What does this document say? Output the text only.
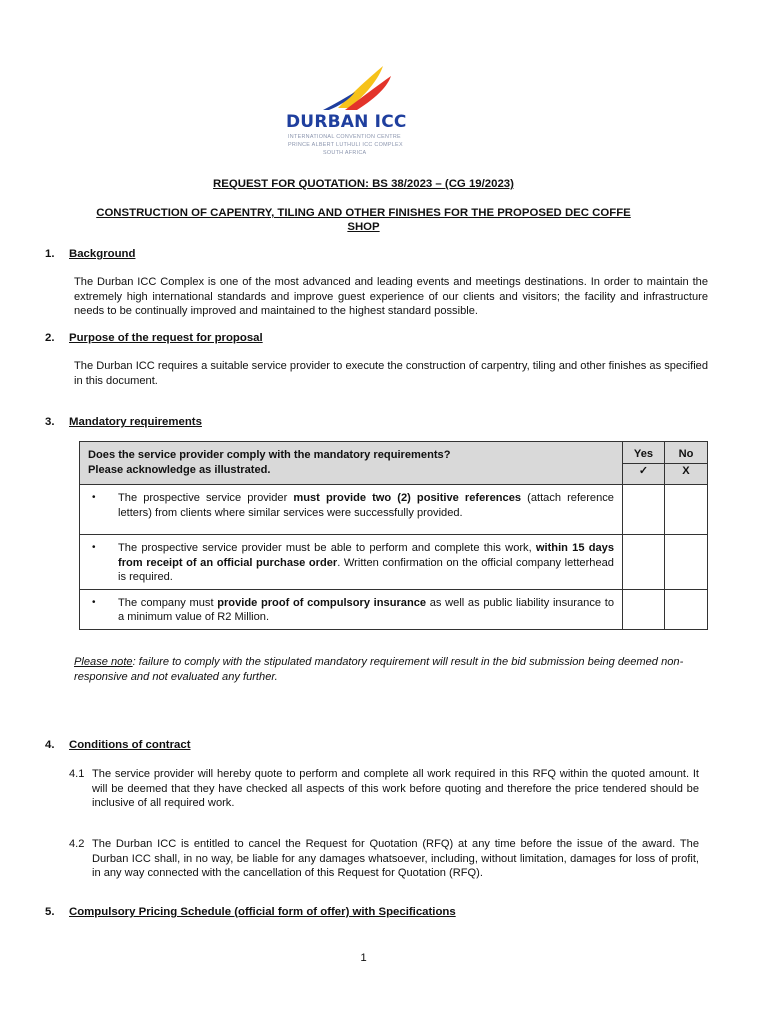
DURBAN ICC
INTERNATIONAL CONVENTION CENTRE
PRINCE ALBERT LUTHULI ICC COMPLEX
SOUTH AFRICA
REQUEST FOR QUOTATION: BS 38/2023 – (CG 19/2023)
CONSTRUCTION OF CAPENTRY, TILING AND OTHER FINISHES FOR THE PROPOSED DEC COFFE
SHOP
1. Background
The Durban ICC Complex is one of the most advanced and leading events and meetings destinations. In order to maintain the extremely high international standards and improve guest experience of our clients and visitors; the facility and infrastructure needs to be continually improved and maintained to the highest standard possible.
2. Purpose of the request for proposal
The Durban ICC requires a suitable service provider to execute the construction of carpentry, tiling and other finishes as specified in this document.
3. Mandatory requirements
Does the service provider comply with the mandatory requirements?
Please acknowledge as illustrated.	Yes	No
	✓	X

• The prospective service provider must provide two (2) positive references (attach reference letters) from clients where similar services were successfully provided.		

• The prospective service provider must be able to perform and complete this work, within 15 days from receipt of an official purchase order. Written confirmation on the official company letterhead is required.		

• The company must provide proof of compulsory insurance as well as public liability insurance to a minimum value of R2 Million.		

Please note: failure to comply with the stipulated mandatory requirement will result in the bid submission being deemed non-responsive and not evaluated any further.
4. Conditions of contract
4.1 The service provider will hereby quote to perform and complete all work required in this RFQ within the quoted amount. It will be deemed that they have checked all aspects of this work before quoting and therefore the price tendered should be inclusive of all required work.
4.2 The Durban ICC is entitled to cancel the Request for Quotation (RFQ) at any time before the issue of the award. The Durban ICC shall, in no way, be liable for any damages whatsoever, including, without limitation, damages for loss of profit, in any way connected with the cancellation of this Request for Quotation (RFQ).
5. Compulsory Pricing Schedule (official form of offer) with Specifications
1
